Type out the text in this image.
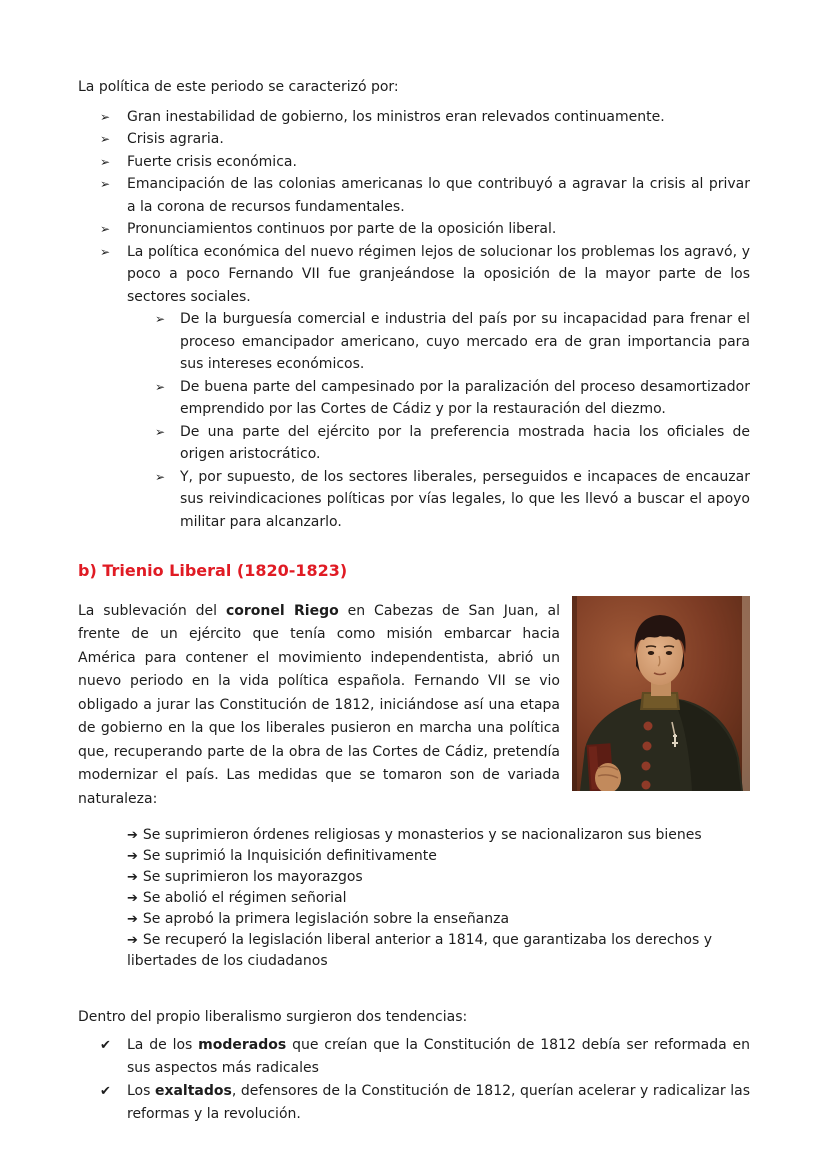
La política de este periodo se caracterizó por:

➢	Gran inestabilidad de gobierno, los ministros eran relevados continuamente.
➢	Crisis agraria.
➢	Fuerte crisis económica.
➢	Emancipación de las colonias americanas lo que contribuyó a agravar la crisis al privar a la corona de recursos fundamentales.
➢	Pronunciamientos continuos por parte de la oposición liberal.
➢	La política económica del nuevo régimen lejos de solucionar los problemas los agravó, y poco a poco Fernando VII fue granjeándose la oposición de la mayor parte de los sectores sociales.
➢	De la burguesía comercial e industria del país por su incapacidad para frenar el proceso emancipador americano, cuyo mercado era de gran importancia para sus intereses económicos.
➢	De buena parte del campesinado por la paralización del proceso desamortizador emprendido por las Cortes de Cádiz y por la restauración del diezmo.
➢	De una parte del ejército por la preferencia mostrada hacia los oficiales de origen aristocrático.
➢	Y, por supuesto, de los sectores liberales, perseguidos e incapaces de encauzar sus reivindicaciones políticas por vías legales, lo que les llevó a buscar el apoyo militar para alcanzarlo.
b) Trienio Liberal (1820-1823)

La sublevación del coronel Riego en Cabezas de San Juan, al frente de un ejército que tenía como misión embarcar hacia América para contener el movimiento independentista, abrió un nuevo periodo en la vida política española. Fernando VII se vio obligado a jurar las Constitución de 1812, iniciándose así una etapa de gobierno en la que los liberales pusieron en marcha una política que, recuperando parte de la obra de las Cortes de Cádiz, pretendía modernizar el país. Las medidas que se tomaron son de variada naturaleza:

➔ Se suprimieron órdenes religiosas y monasterios y se nacionalizaron sus bienes
➔ Se suprimió la Inquisición definitivamente
➔ Se suprimieron los mayorazgos
➔ Se abolió el régimen señorial
➔ Se aprobó la primera legislación sobre la enseñanza
➔ Se recuperó la legislación liberal anterior a 1814, que garantizaba los derechos y libertades de los ciudadanos

Dentro del propio liberalismo surgieron dos tendencias:

✔	La de los moderados que creían que la Constitución de 1812 debía ser reformada en sus aspectos más radicales
✔	Los exaltados, defensores de la Constitución de 1812, querían acelerar y radicalizar las reformas y la revolución.
